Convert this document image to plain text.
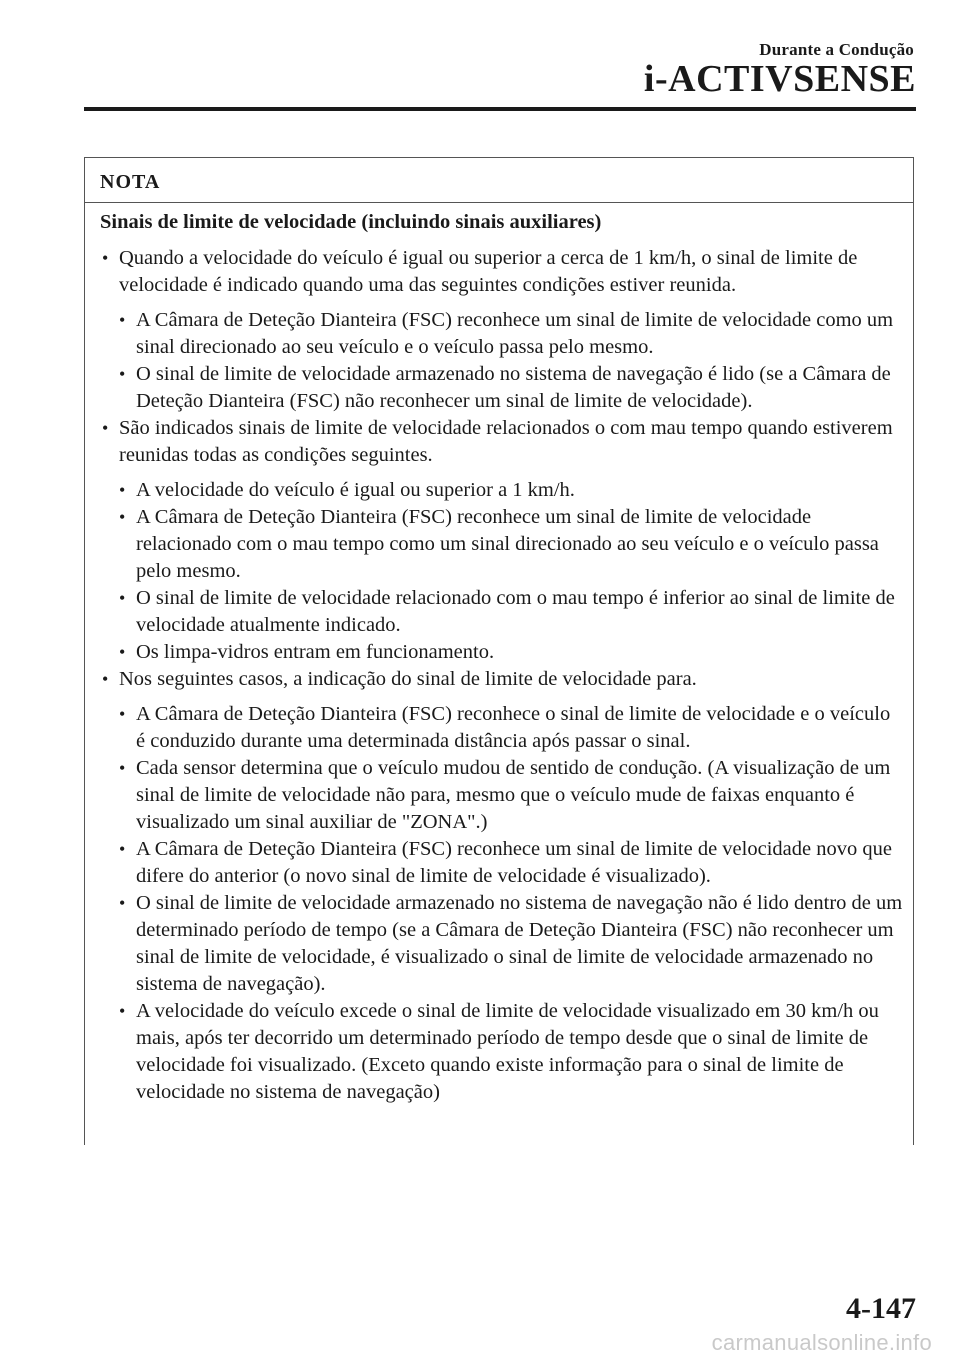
Durante a Condução
i-ACTIVSENSE
NOTA

Sinais de limite de velocidade (incluindo sinais auxiliares)

• Quando a velocidade do veículo é igual ou superior a cerca de 1 km/h, o sinal de limite de velocidade é indicado quando uma das seguintes condições estiver reunida.

• A Câmara de Deteção Dianteira (FSC) reconhece um sinal de limite de velocidade como um sinal direcionado ao seu veículo e o veículo passa pelo mesmo.

• O sinal de limite de velocidade armazenado no sistema de navegação é lido (se a Câmara de Deteção Dianteira (FSC) não reconhecer um sinal de limite de velocidade).

• São indicados sinais de limite de velocidade relacionados o com mau tempo quando estiverem reunidas todas as condições seguintes.

• A velocidade do veículo é igual ou superior a 1 km/h.

• A Câmara de Deteção Dianteira (FSC) reconhece um sinal de limite de velocidade relacionado com o mau tempo como um sinal direcionado ao seu veículo e o veículo passa pelo mesmo.

• O sinal de limite de velocidade relacionado com o mau tempo é inferior ao sinal de limite de velocidade atualmente indicado.

• Os limpa-vidros entram em funcionamento.

• Nos seguintes casos, a indicação do sinal de limite de velocidade para.

• A Câmara de Deteção Dianteira (FSC) reconhece o sinal de limite de velocidade e o veículo é conduzido durante uma determinada distância após passar o sinal.

• Cada sensor determina que o veículo mudou de sentido de condução. (A visualização de um sinal de limite de velocidade não para, mesmo que o veículo mude de faixas enquanto é visualizado um sinal auxiliar de "ZONA".)

• A Câmara de Deteção Dianteira (FSC) reconhece um sinal de limite de velocidade novo que difere do anterior (o novo sinal de limite de velocidade é visualizado).

• O sinal de limite de velocidade armazenado no sistema de navegação não é lido dentro de um determinado período de tempo (se a Câmara de Deteção Dianteira (FSC) não reconhecer um sinal de limite de velocidade, é visualizado o sinal de limite de velocidade armazenado no sistema de navegação).

• A velocidade do veículo excede o sinal de limite de velocidade visualizado em 30 km/h ou mais, após ter decorrido um determinado período de tempo desde que o sinal de limite de velocidade foi visualizado. (Exceto quando existe informação para o sinal de limite de velocidade no sistema de navegação)

4-147
carmanualsonline.info
